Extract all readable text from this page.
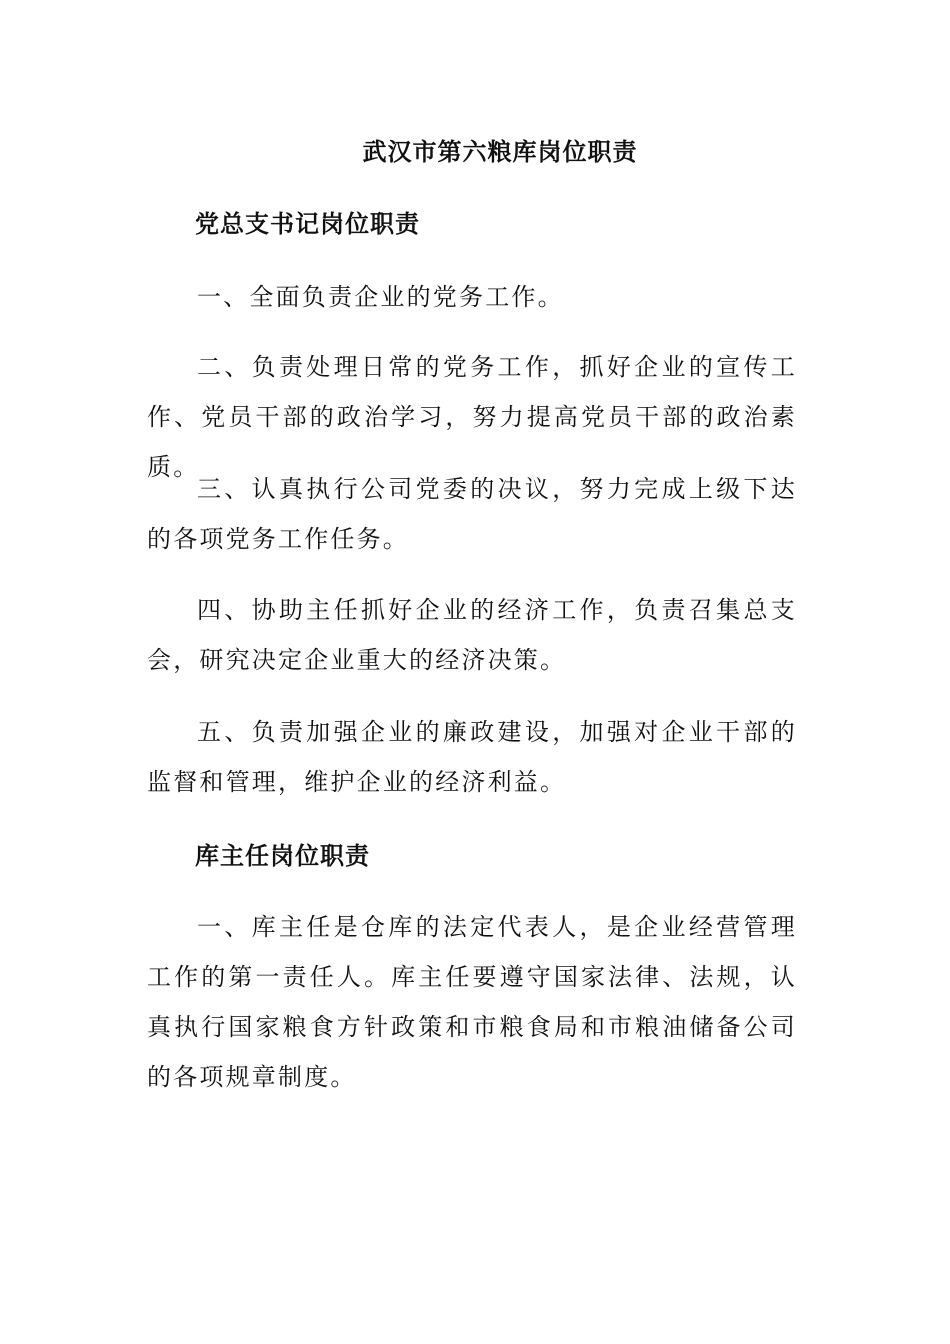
武汉市第六粮库岗位职责
党总支书记岗位职责

一、全面负责企业的党务工作。

二、负责处理日常的党务工作，抓好企业的宣传工作、党员干部的政治学习，努力提高党员干部的政治素质。

三、认真执行公司党委的决议，努力完成上级下达的各项党务工作任务。

四、协助主任抓好企业的经济工作，负责召集总支会，研究决定企业重大的经济决策。

五、负责加强企业的廉政建设，加强对企业干部的监督和管理，维护企业的经济利益。

库主任岗位职责

一、库主任是仓库的法定代表人，是企业经营管理工作的第一责任人。库主任要遵守国家法律、法规，认真执行国家粮食方针政策和市粮食局和市粮油储备公司的各项规章制度。
